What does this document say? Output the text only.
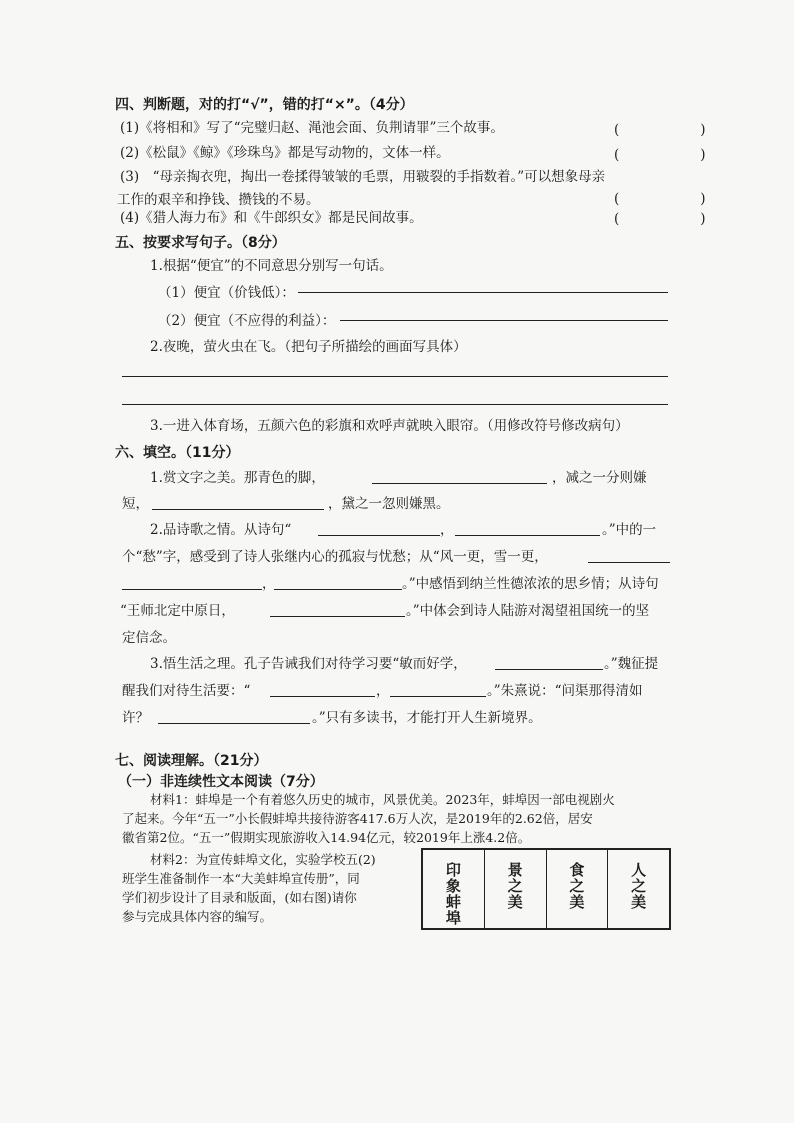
四、判断题，对的打“√”，错的打“×”。（4分）
(1)《将相和》写了“完璧归赵、渑池会面、负荆请罪”三个故事。	(　　)
(2)《松鼠》《鲸》《珍珠鸟》都是写动物的，文体一样。	(　　)
(3)　“母亲掏衣兜，掏出一卷揉得皱皱的毛票，用皲裂的手指数着。”可以想象母亲
工作的艰辛和挣钱、攒钱的不易。	(　　)
(4)《猎人海力布》和《牛郎织女》都是民间故事。	(　　)
五、按要求写句子。（8分）
1.根据“便宜”的不同意思分别写一句话。
（1）便宜（价钱低）：
（2）便宜（不应得的利益）：
2.夜晚，萤火虫在飞。（把句子所描绘的画面写具体）
3.一进入体育场，五颜六色的彩旗和欢呼声就映入眼帘。（用修改符号修改病句）
六、填空。（11分）
1.赏文字之美。那青色的脚，	，减之一分则嫌
短，	，黛之一忽则嫌黑。
2.品诗歌之情。从诗句“	，	。”中的一
个“愁”字，感受到了诗人张继内心的孤寂与忧愁；从“风一更，雪一更，
，	。”中感悟到纳兰性德浓浓的思乡情；从诗句
“王师北定中原日，	。”中体会到诗人陆游对渴望祖国统一的坚
定信念。
3.悟生活之理。孔子告诫我们对待学习要“敏而好学，	。”魏征提
醒我们对待生活要：“	，	。”朱熹说：“问渠那得清如
许？	。”只有多读书，才能打开人生新境界。
七、阅读理解。（21分）
（一）非连续性文本阅读（7分）
材料1：蚌埠是一个有着悠久历史的城市，风景优美。2023年，蚌埠因一部电视剧火
了起来。今年“五一”小长假蚌埠共接待游客417.6万人次，是2019年的2.62倍，居安
徽省第2位。“五一”假期实现旅游收入14.94亿元，较2019年上涨4.2倍。
材料2：为宣传蚌埠文化，实验学校五(2)
班学生准备制作一本“大美蚌埠宣传册”，同
学们初步设计了目录和版面，(如右图)请你
参与完成具体内容的编写。	印象蚌埠	景之美	食之美	人之美
